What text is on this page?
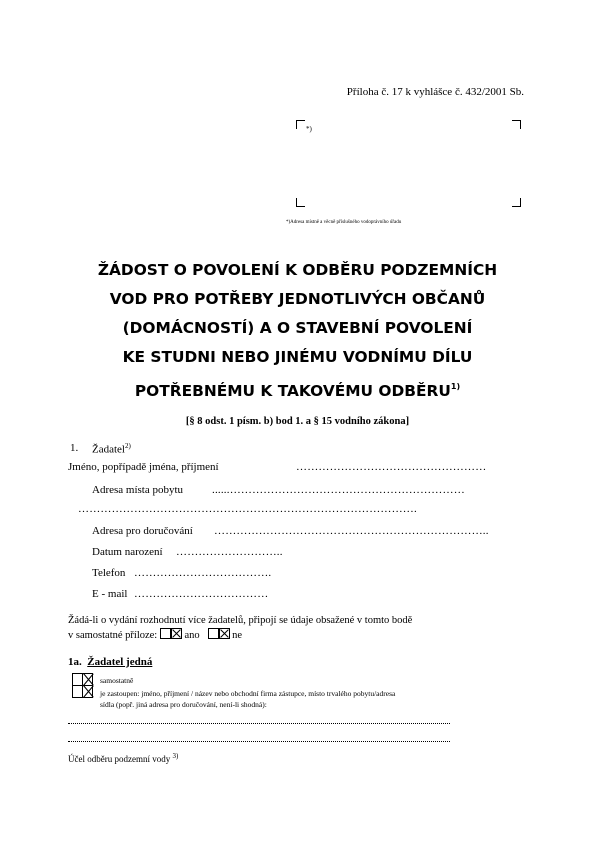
Příloha č. 17 k vyhlášce č. 432/2001 Sb.
*)
*)Adresa místně a věcně příslušného vodoprávního úřadu
ŽÁDOST O POVOLENÍ K ODBĚRU PODZEMNÍCH
VOD PRO POTŘEBY JEDNOTLIVÝCH OBČANŮ
(DOMÁCNOSTÍ) A O STAVEBNÍ POVOLENÍ
KE STUDNI NEBO JINÉMU VODNÍMU DÍLU
POTŘEBNÉMU K TAKOVÉMU ODBĚRU$^{1)}$
[§ 8 odst. 1 písm. b) bod 1. a § 15 vodního zákona]
1. Žadatel$^{2)}$
Jméno, popřípadě jména, příjmení	……………………………………………
Adresa místa pobytu	......………………………………………………………
……………………………………………………………………………….
Adresa pro doručování ………………………………………………………………..
Datum narození ………………………..
Telefon ……………………………….
E - mail ………………………………
Žádá-li o vydání rozhodnutí více žadatelů, připojí se údaje obsažené v tomto bodě
v samostatné příloze:	ano	ne
1a. Žadatel jedná
samostatně
je zastoupen: jméno, příjmení / název nebo obchodní firma zástupce, místo trvalého pobytu/adresa
sídla (popř. jiná adresa pro doručování, není-li shodná):
Účel odběru podzemní vody $^{3)}$
